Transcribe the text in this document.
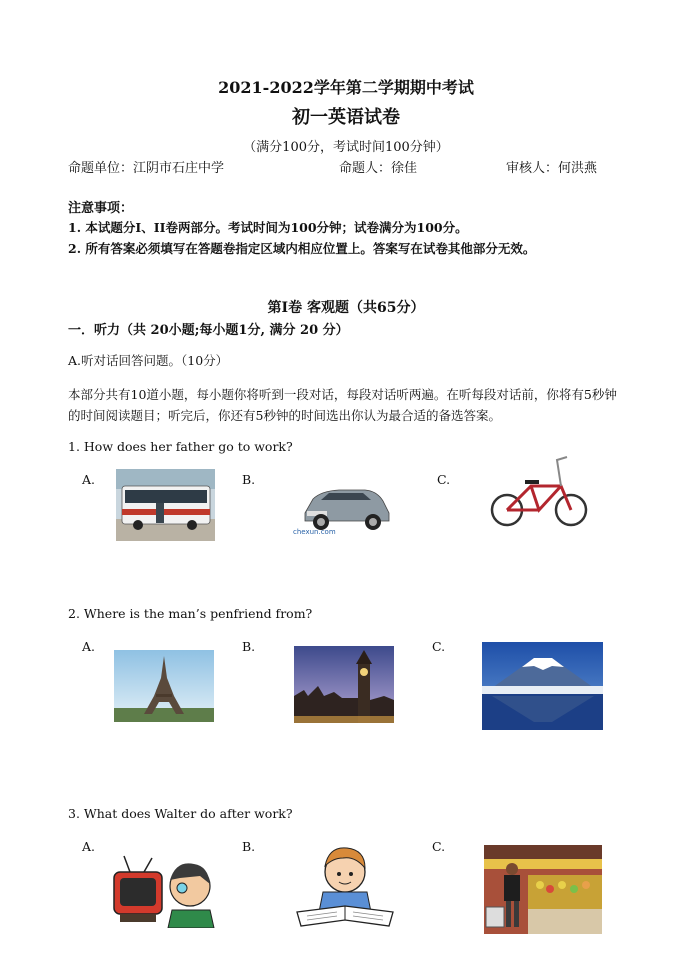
2021-2022学年第二学期期中考试
初一英语试卷
（满分100分，考试时间100分钟）
命题单位：江阴市石庄中学	命题人：徐佳	审核人：何洪燕
注意事项：
1. 本试题分I、II卷两部分。考试时间为100分钟；试卷满分为100分。
2. 所有答案必须填写在答题卷指定区域内相应位置上。答案写在试卷其他部分无效。
第I卷 客观题（共65分）
一．听力（共 20小题;每小题1分, 满分 20 分）
A.听对话回答问题。（10分）
本部分共有10道小题，每小题你将听到一段对话，每段对话听两遍。在听每段对话前，你将有5秒钟的时间阅读题目；听完后，你还有5秒钟的时间选出你认为最合适的备选答案。
1. How does her father go to work?
A.	B.	C.
chexun.com
2. Where is the man’s penfriend from?
A.	B.	C.
3. What does Walter do after work?
A.	B.	C.
